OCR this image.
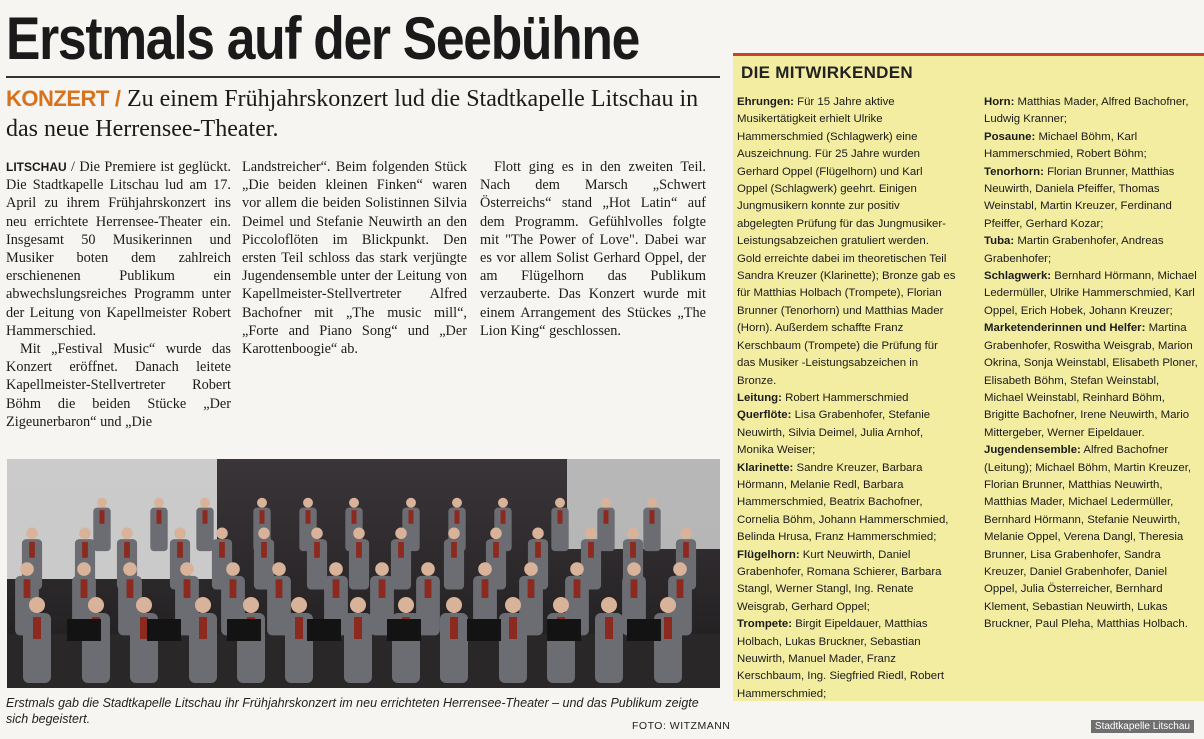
Erstmals auf der Seebühne
KONZERT / Zu einem Frühjahrskonzert lud die Stadtkapelle Litschau in das neue Herrensee-Theater.

LITSCHAU / Die Premiere ist geglückt. Die Stadtkapelle Litschau lud am 17. April zu ihrem Frühjahrskonzert ins neu errichtete Herrensee-Theater ein. Insgesamt 50 Musikerinnen und Musiker boten dem zahlreich erschienenen Publikum ein abwechslungsreiches Programm unter der Leitung von Kapellmeister Robert Hammerschied.

Mit „Festival Music“ wurde das Konzert eröffnet. Danach leitete Kapellmeister-Stellvertreter Robert Böhm die beiden Stücke „Der Zigeunerbaron“ und „Die

Landstreicher“. Beim folgenden Stück „Die beiden kleinen Finken“ waren vor allem die beiden Solistinnen Silvia Deimel und Stefanie Neuwirth an den Piccoloflöten im Blickpunkt. Den ersten Teil schloss das stark verjüngte Jugendensemble unter der Leitung von Kapellmeister-Stellvertreter Alfred Bachofner mit „The music mill“, „Forte and Piano Song“ und „Der Karottenboogie“ ab.

Flott ging es in den zweiten Teil. Nach dem Marsch „Schwert Österreichs“ stand „Hot Latin“ auf dem Programm. Gefühlvolles folgte mit "The Power of Love". Dabei war es vor allem Solist Gerhard Oppel, der am Flügelhorn das Publikum verzauberte. Das Konzert wurde mit einem Arrangement des Stückes „The Lion King“ geschlossen.

Erstmals gab die Stadtkapelle Litschau ihr Frühjahrskonzert im neu errichteten Herrensee-Theater – und das Publikum zeigte sich begeistert.	FOTO: WITZMANN
DIE MITWIRKENDEN

Ehrungen: Für 15 Jahre aktive Musikertätigkeit erhielt Ulrike Hammerschmied (Schlagwerk) eine Auszeichnung. Für 25 Jahre wurden Gerhard Oppel (Flügelhorn) und Karl Oppel (Schlagwerk) geehrt. Einigen Jungmusikern konnte zur positiv abgelegten Prüfung für das Jungmusiker-Leistungsabzeichen gratuliert werden. Gold erreichte dabei im theoretischen Teil Sandra Kreuzer (Klarinette); Bronze gab es für Matthias Holbach (Trompete), Florian Brunner (Tenorhorn) und Matthias Mader (Horn). Außerdem schaffte Franz Kerschbaum (Trompete) die Prüfung für das Musiker -Leistungsabzeichen in Bronze.

Leitung: Robert Hammerschmied

Querflöte: Lisa Grabenhofer, Stefanie Neuwirth, Silvia Deimel, Julia Arnhof, Monika Weiser;

Klarinette: Sandre Kreuzer, Barbara Hörmann, Melanie Redl, Barbara Hammerschmied, Beatrix Bachofner, Cornelia Böhm, Johann Hammerschmied, Belinda Hrusa, Franz Hammerschmied;

Flügelhorn: Kurt Neuwirth, Daniel Grabenhofer, Romana Schierer, Barbara Stangl, Werner Stangl, Ing. Renate Weisgrab, Gerhard Oppel;

Trompete: Birgit Eipeldauer, Matthias Holbach, Lukas Bruckner, Sebastian Neuwirth, Manuel Mader, Franz Kerschbaum, Ing. Siegfried Riedl, Robert Hammerschmied;

Horn: Matthias Mader, Alfred Bachofner, Ludwig Kranner;

Posaune: Michael Böhm, Karl Hammerschmied, Robert Böhm;

Tenorhorn: Florian Brunner, Matthias Neuwirth, Daniela Pfeiffer, Thomas Weinstabl, Martin Kreuzer, Ferdinand Pfeiffer, Gerhard Kozar;

Tuba: Martin Grabenhofer, Andreas Grabenhofer;

Schlagwerk: Bernhard Hörmann, Michael Ledermüller, Ulrike Hammerschmied, Karl Oppel, Erich Hobek, Johann Kreuzer;

Marketenderinnen und Helfer: Martina Grabenhofer, Roswitha Weisgrab, Marion Okrina, Sonja Weinstabl, Elisabeth Ploner, Elisabeth Böhm, Stefan Weinstabl, Michael Weinstabl, Reinhard Böhm, Brigitte Bachofner, Irene Neuwirth, Mario Mittergeber, Werner Eipeldauer.

Jugendensemble: Alfred Bachofner (Leitung); Michael Böhm, Martin Kreuzer, Florian Brunner, Matthias Neuwirth, Matthias Mader, Michael Ledermüller, Bernhard Hörmann, Stefanie Neuwirth, Melanie Oppel, Verena Dangl, Theresia Brunner, Lisa Grabenhofer, Sandra Kreuzer, Daniel Grabenhofer, Daniel Oppel, Julia Österreicher, Bernhard Klement, Sebastian Neuwirth, Lukas Bruckner, Paul Pleha, Matthias Holbach.

Stadtkapelle Litschau
